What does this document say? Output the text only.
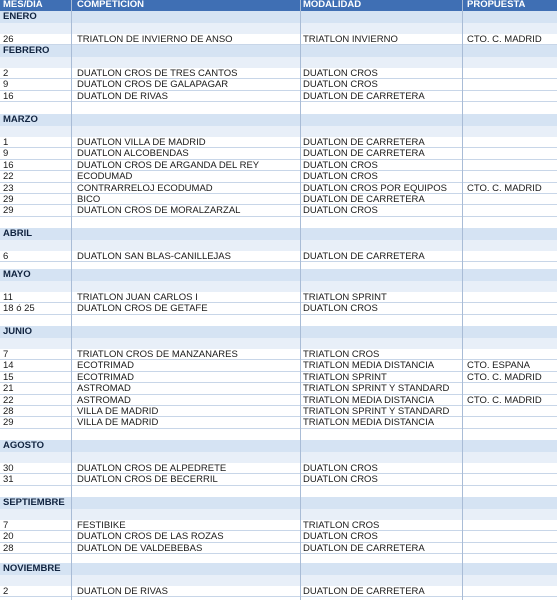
MES/DÍA	COMPETICIÓN	MODALIDAD	PROPUESTA
ENERO
26	TRIATLÓN DE INVIERNO DE ANSÓ	TRIATLÓN INVIERNO	CTO. C. MADRID
FEBRERO
2	DUATLÓN CROS DE TRES CANTOS	DUATLÓN CROS
9	DUATLÓN CROS DE GALAPAGAR	DUATLÓN CROS
16	DUATLÓN DE RIVAS	DUATLÓN DE CARRETERA
MARZO
1	DUATLON VILLA DE MADRID	DUATLON DE CARRETERA
9	DUATLON ALCOBENDAS	DUATLON DE CARRETERA
16	DUATLON CROS DE ARGANDA DEL REY	DUATLON CROS
22	ECODUMAD	DUATLON CROS
23	CONTRARRELOJ ECODUMAD	DUATLON CROS POR EQUIPOS	CTO. C. MADRID
29	BICO	DUATLON DE CARRETERA
29	DUATLON CROS DE MORALZARZAL	DUATLON CROS
ABRIL
6	DUATLON SAN BLAS-CANILLEJAS	DUATLON DE CARRETERA
MAYO
11	TRIATLON JUAN CARLOS I	TRIATLON SPRINT
18 ó 25	DUATLON CROS DE GETAFE	DUATLON CROS
JUNIO
7	TRIATLON CROS DE MANZANARES	TRIATLON CROS
14	ECOTRIMAD	TRIATLÓN MEDIA DISTANCIA	CTO. ESPAÑA
15	ECOTRIMAD	TRIATLÓN SPRINT	CTO. C. MADRID
21	ASTROMAD	TRIATLÓN SPRINT Y STANDARD
22	ASTROMAD	TRIATLON MEDIA DISTANCIA	CTO. C. MADRID
28	VILLA DE MADRID	TRIATLÓN SPRINT Y STANDARD
29	VILLA DE MADRID	TRIATLÓN MEDIA DISTANCIA
AGOSTO
30	DUATLON CROS DE ALPEDRETE	DUATLON CROS
31	DUATLON CROS DE BECERRIL	DUATLON CROS
SEPTIEMBRE
7	FESTIBIKE	TRIATLON CROS
20	DUATLON CROS DE LAS ROZAS	DUATLON CROS
28	DUATLON DE VALDEBEBAS	DUATLON DE CARRETERA
NOVIEMBRE
2	DUATLON DE RIVAS	DUATLON DE CARRETERA
